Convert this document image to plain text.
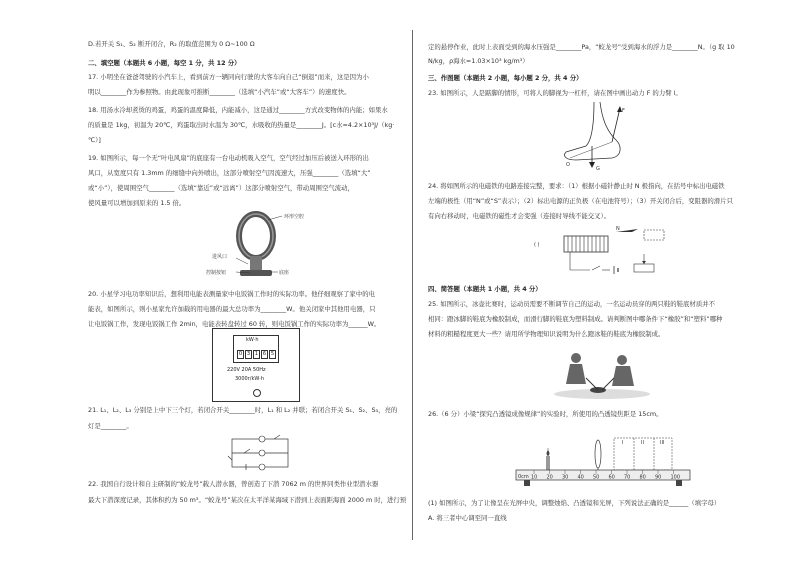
D.若开关 S₁、S₂ 断开闭合，R₂ 的取值范围为 0 Ω~100 Ω
二、填空题（本题共 6 小题，每空 1 分，共 12 分）
17. 小明坐在爸爸驾驶的小汽车上，看到前方一辆同向行驶的大客车向自己“倒退”而来，这是因为小
明以________作为参照物。由此现象可推断________（选填“小汽车”或“大客车”）的速度快。
18. 用汤水冷却煮烫的鸡蛋，鸡蛋的温度降低，内能减小，这是通过________方式改变物体的内能；如果水
的质量是 1kg，初温为 20℃，鸡蛋取出时水温为 30℃，水吸收的热量是________J。[c水=4.2×10³J/（kg·
℃）]
19. 如图所示，每一个无“叶电风扇”的底座有一台电动机吸入空气，空气经过加压后被送入环形的出
风口，从宽度只有 1.3mm 的细缝中向外喷出，这部分喷射空气因流速大，压强________（选填“大”
或“小”），使周围空气________（选填“靠近”或“远离”）这部分喷射空气，带动周围空气流动，
使风量可以增加到原来的 1.5 倍。
环形空腔
进风口
控制按钮	底座
20. 小星学习电功率知识后，想利用电能表测量家中电饭锅工作时的实际功率。他仔细观察了家中的电
能表，如图所示，则小星家允许加载的用电器的最大总功率为________W。他关闭家中其他用电器，只
让电饭锅工作，发现电饭锅工作 2min，电能表转盘转过 60 转，则电饭锅工作的实际功率为______W。
kW·h
0 3 1 6 5
220V 20A 50Hz
3000r/kW·h
21. L₁、L₂、L₃ 分别是上中下三个灯，若闭合开关________时，L₁ 和 L₂ 并联；若闭合开关 S₁、S₂、S₃，亮的
灯是________。
22. 我国自行设计和自主研制的“蛟龙号”载人潜水器，曾创造了下潜 7062 m 的世界同类作业型潜水器
最大下潜深度记录，其体积约为 50 m³。“蛟龙号”某次在太平洋某海域下潜到上表面距海面 2000 m 时，进行预
定的悬停作业，此时上表面受到的海水压强是________Pa，“蛟龙号”受到海水的浮力是________N。（g 取 10
N/kg，ρ海水=1.03×10³ kg/m³）
三、作图题（本题共 2 小题，每小题 2 分，共 4 分）
23. 如图所示，人是踮脚的情形，可将人的脚视为一杠杆，请在图中画出动力 F 的力臂 l。
F
O
G
24. 将如图所示的电磁铁的电路连接完整，要求：（1）根据小磁针静止时 N 极指向，在括号中标出电磁铁
左端的极性（用“N”或“S”表示）；（2）标出电源的正负极（在电池符号）；（3）开关闭合后，变阻器的滑片只
有向右移动时，电磁铁的磁性才会变强（连接时导线不能交叉）。
( )
N
四、简答题（本题共 1 小题，共 4 分）
25. 如图所示，冰壶比赛时，运动员需要不断调节自己的运动，一名运动员穿的两只鞋的鞋底材质并不
相同：蹬冰脚的鞋底为橡胶制成，而滑行脚的鞋底为塑料制成。请判断图中哪条件下“橡胶”和“塑料”哪种
材料的粗糙程度更大一些？请用所学物理知识说明为什么蹬冰鞋的鞋底为橡胶制成。
26.（6 分）小梁“探究凸透镜成像规律”的实验时，所使用的凸透镜焦距是 15cm。
I	II	III
0cm 10 20 30 40 50 60 70 80 90 100
(1) 如图所示，为了让像呈在光屏中央，调整烛焰、凸透镜和光屏，下列说法正确的是______（填字母）
A. 将三者中心调至同一直线
